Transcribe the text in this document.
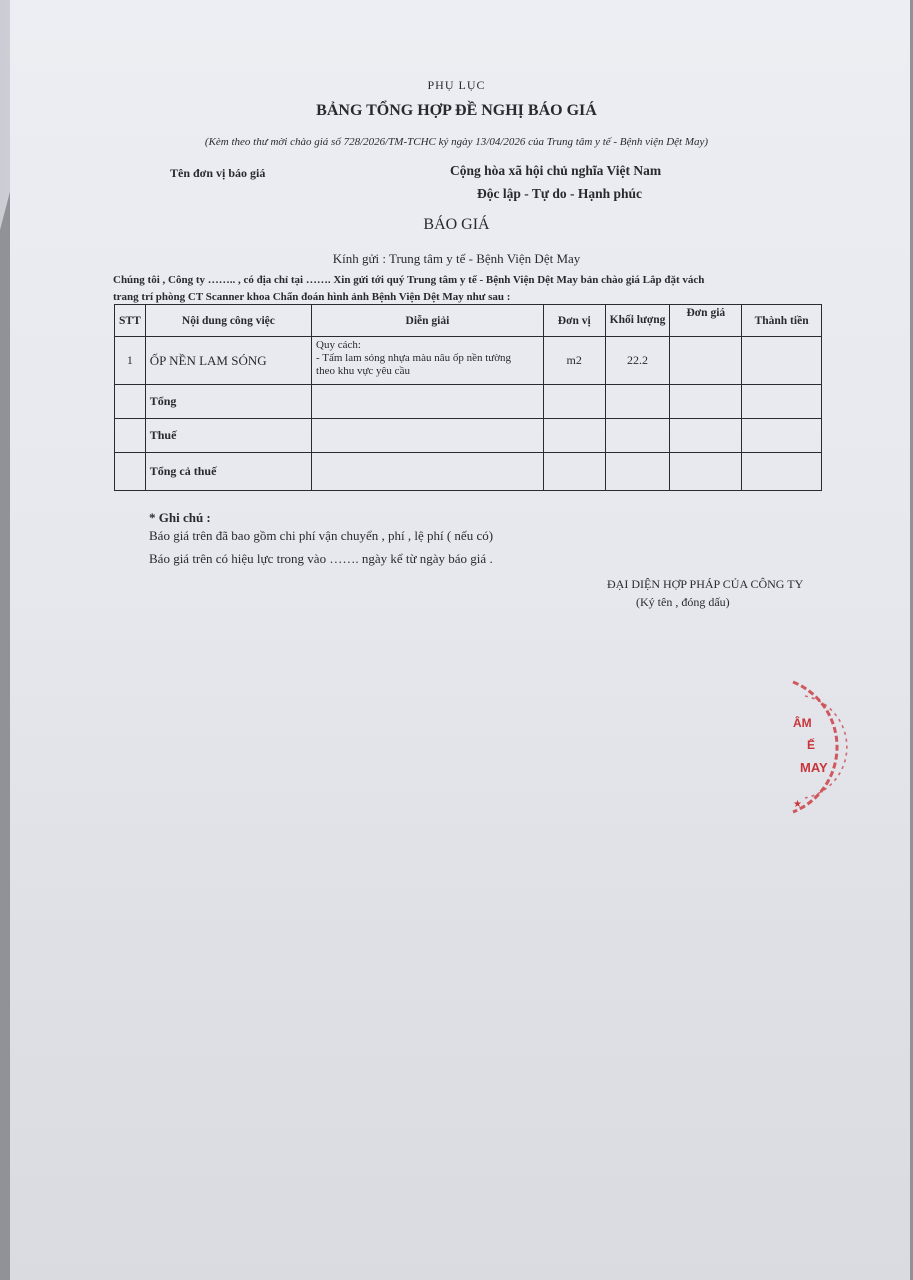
PHỤ LỤC
BẢNG TỔNG HỢP ĐỀ NGHỊ BÁO GIÁ
(Kèm theo thư mời chào giá số 728/2026/TM-TCHC ký ngày 13/04/2026 của Trung tâm y tế - Bệnh viện Dệt May)
Tên đơn vị báo giá	Cộng hòa xã hội chủ nghĩa Việt Nam
Độc lập - Tự do - Hạnh phúc
BÁO GIÁ
Kính gửi : Trung tâm y tế - Bệnh Viện Dệt May
Chúng tôi , Công ty …….. , có địa chỉ tại ……. Xin gửi tới quý Trung tâm y tế - Bệnh Viện Dệt May bản chào giá Lắp đặt vách
trang trí phòng CT Scanner khoa Chẩn đoán hình ảnh Bệnh Viện Dệt May như sau :
STT	Nội dung công việc	Diễn giải	Đơn vị	Khối lượng	Đơn giá	Thành tiền
1	ỐP NỀN LAM SÓNG	Quy cách:
- Tấm lam sóng nhựa màu nâu ốp nền tường
theo khu vực yêu cầu	m2	22.2		
	Tổng					
	Thuế					
	Tổng cả thuế					
* Ghi chú :
Báo giá trên đã bao gồm chi phí vận chuyển , phí , lệ phí ( nếu có)
Báo giá trên có hiệu lực trong vào ……. ngày kể từ ngày báo giá .
ĐẠI DIỆN HỢP PHÁP CỦA CÔNG TY
(Ký tên , đóng dấu)
ÂM
Ế
MAY
★
